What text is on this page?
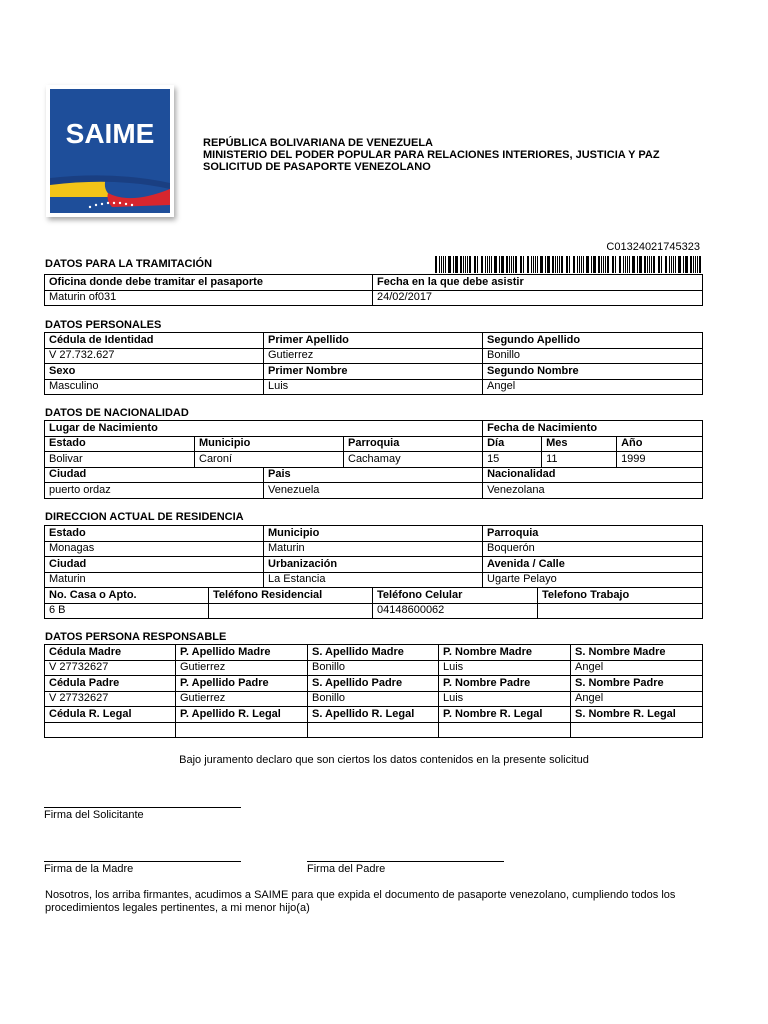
SAIME	REPÚBLICA BOLIVARIANA DE VENEZUELA
MINISTERIO DEL PODER POPULAR PARA RELACIONES INTERIORES, JUSTICIA Y PAZ
SOLICITUD DE PASAPORTE VENEZOLANO
C01324021745323
DATOS PARA LA TRAMITACIÓN
Oficina donde debe tramitar el pasaporte	Fecha en la que debe asistir
Maturin of031	24/02/2017
DATOS PERSONALES
Cédula de Identidad	Primer Apellido	Segundo Apellido
V 27.732.627	Gutierrez	Bonillo
Sexo	Primer Nombre	Segundo Nombre
Masculino	Luis	Angel
DATOS DE NACIONALIDAD
Lugar de Nacimiento				Fecha de Nacimiento		
Estado	Municipio		Parroquia	Día	Mes	Año
Bolivar	Caroní		Cachamay	15	11	1999
Ciudad		Pais		Nacionalidad		
puerto ordaz		Venezuela		Venezolana		
DIRECCION ACTUAL DE RESIDENCIA
Estado		Municipio		Parroquia	
Monagas		Maturin		Boquerón	
Ciudad		Urbanización		Avenida / Calle	
Maturin		La Estancia		Ugarte Pelayo	
No. Casa o Apto.	Teléfono Residencial		Teléfono Celular		Telefono Trabajo
6 B			04148600062		
DATOS PERSONA RESPONSABLE
Cédula Madre	P. Apellido Madre	S. Apellido Madre	P. Nombre Madre	S. Nombre Madre
V 27732627	Gutierrez	Bonillo	Luis	Angel
Cédula Padre	P. Apellido Padre	S. Apellido Padre	P. Nombre Padre	S. Nombre Padre
V 27732627	Gutierrez	Bonillo	Luis	Angel
Cédula R. Legal	P. Apellido R. Legal	S. Apellido R. Legal	P. Nombre R. Legal	S. Nombre R. Legal

Bajo juramento declaro que son ciertos los datos contenidos en la presente solicitud
Firma del Solicitante
Firma de la Madre	Firma del Padre
Nosotros, los arriba firmantes, acudimos a SAIME para que expida el documento de pasaporte venezolano, cumpliendo todos los procedimientos legales pertinentes, a mi menor hijo(a)
